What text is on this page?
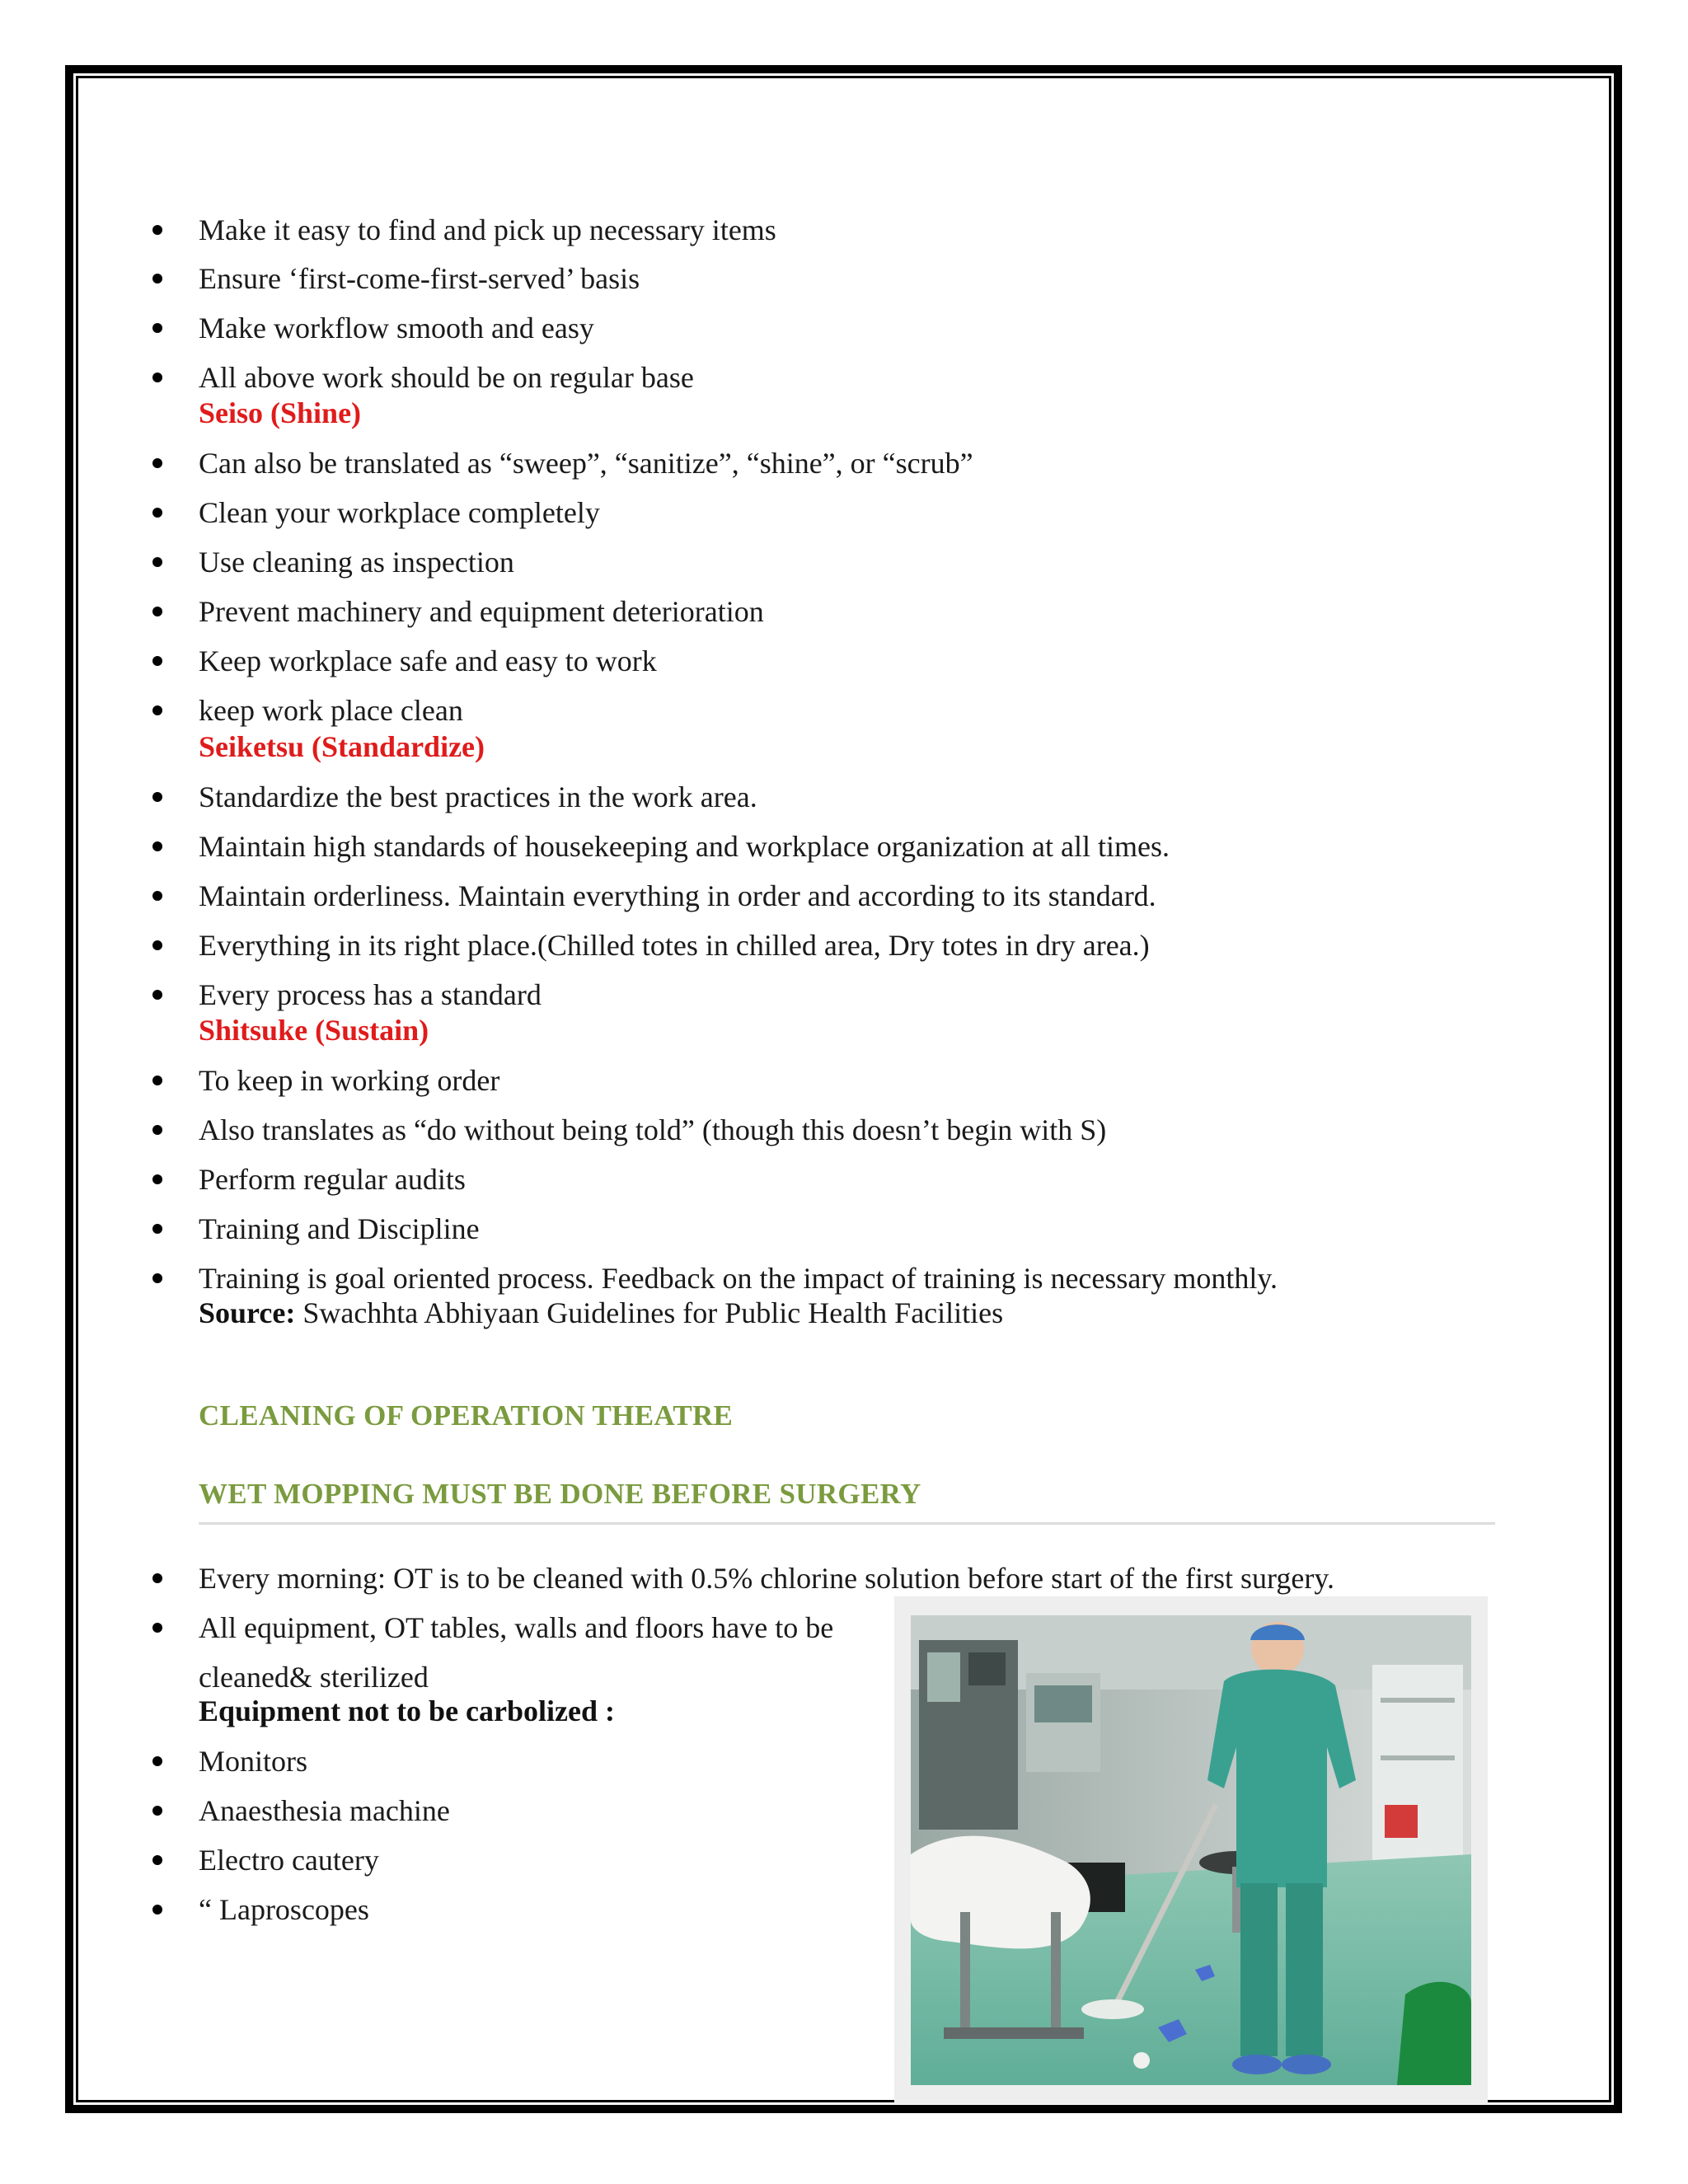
Make it easy to find and pick up necessary items
Ensure ‘first-come-first-served’ basis
Make workflow smooth and easy
All above work should be on regular base
Seiso (Shine)
Can also be translated as “sweep”, “sanitize”, “shine”, or “scrub”
Clean your workplace completely
Use cleaning as inspection
Prevent machinery and equipment deterioration
Keep workplace safe and easy to work
keep work place clean
Seiketsu (Standardize)
Standardize the best practices in the work area.
Maintain high standards of housekeeping and workplace organization at all times.
Maintain orderliness. Maintain everything in order and according to its standard.
Everything in its right place.(Chilled totes in chilled area, Dry totes in dry area.)
Every process has a standard
Shitsuke (Sustain)
To keep in working order
Also translates as “do without being told” (though this doesn’t begin with S)
Perform regular audits
Training and Discipline
Training is goal oriented process. Feedback on the impact of training is necessary monthly.
Source: Swachhta Abhiyaan Guidelines for Public Health Facilities
CLEANING OF OPERATION THEATRE
WET MOPPING MUST BE DONE BEFORE SURGERY
Every morning: OT is to be cleaned with 0.5% chlorine solution before start of the first surgery.
All equipment, OT tables, walls and floors have to be
cleaned& sterilized
Equipment not to be carbolized :
Monitors
Anaesthesia machine
Electro cautery
“ Laproscopes
